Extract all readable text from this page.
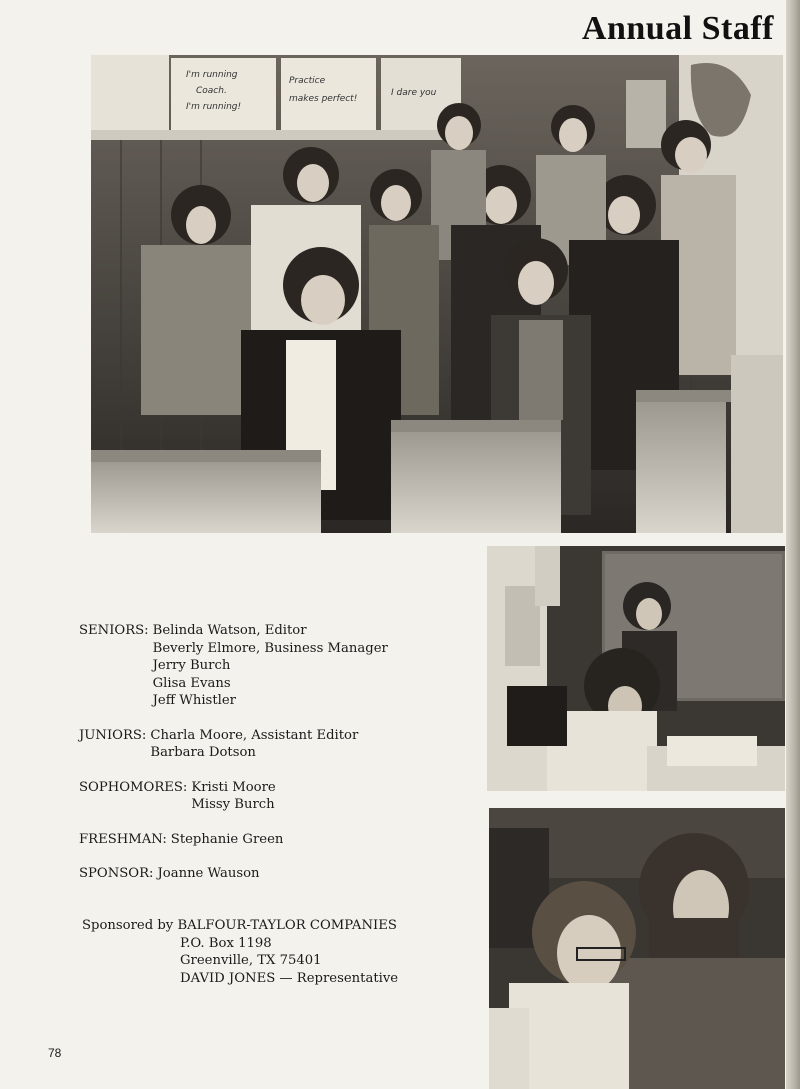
Annual Staff
I'm running
Coach.
I'm running!
Practice
makes perfect!
I dare you
SENIORS: Belinda Watson, Editor
Beverly Elmore, Business Manager
Jerry Burch
Glisa Evans
Jeff Whistler
JUNIORS: Charla Moore, Assistant Editor
Barbara Dotson
SOPHOMORES: Kristi Moore
Missy Burch
FRESHMAN: Stephanie Green
SPONSOR: Joanne Wauson
Sponsored by BALFOUR-TAYLOR COMPANIES
P.O. Box 1198
Greenville, TX 75401
DAVID JONES — Representative
78
